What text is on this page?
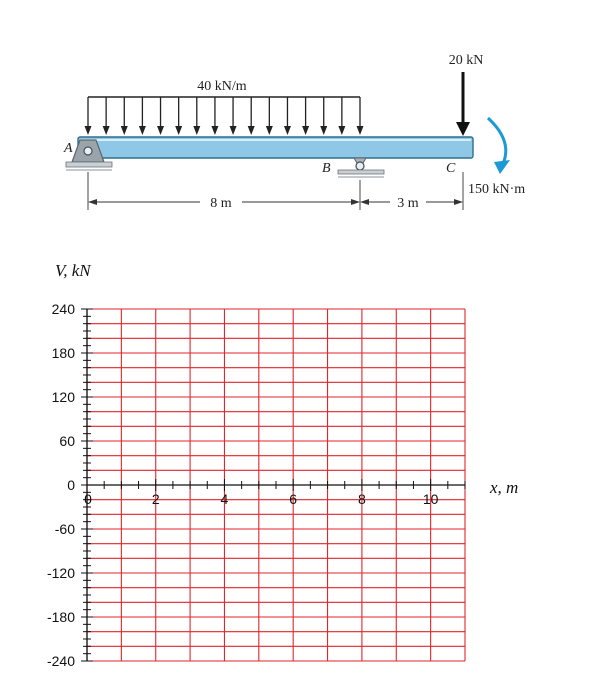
40 kN/m
A
B	C
20 kN
150 kN·m
8 m	3 m
V, kN
x, m
240
180
120
60
0
-60
-120
-180
-240
0	2	4	6	8	10
